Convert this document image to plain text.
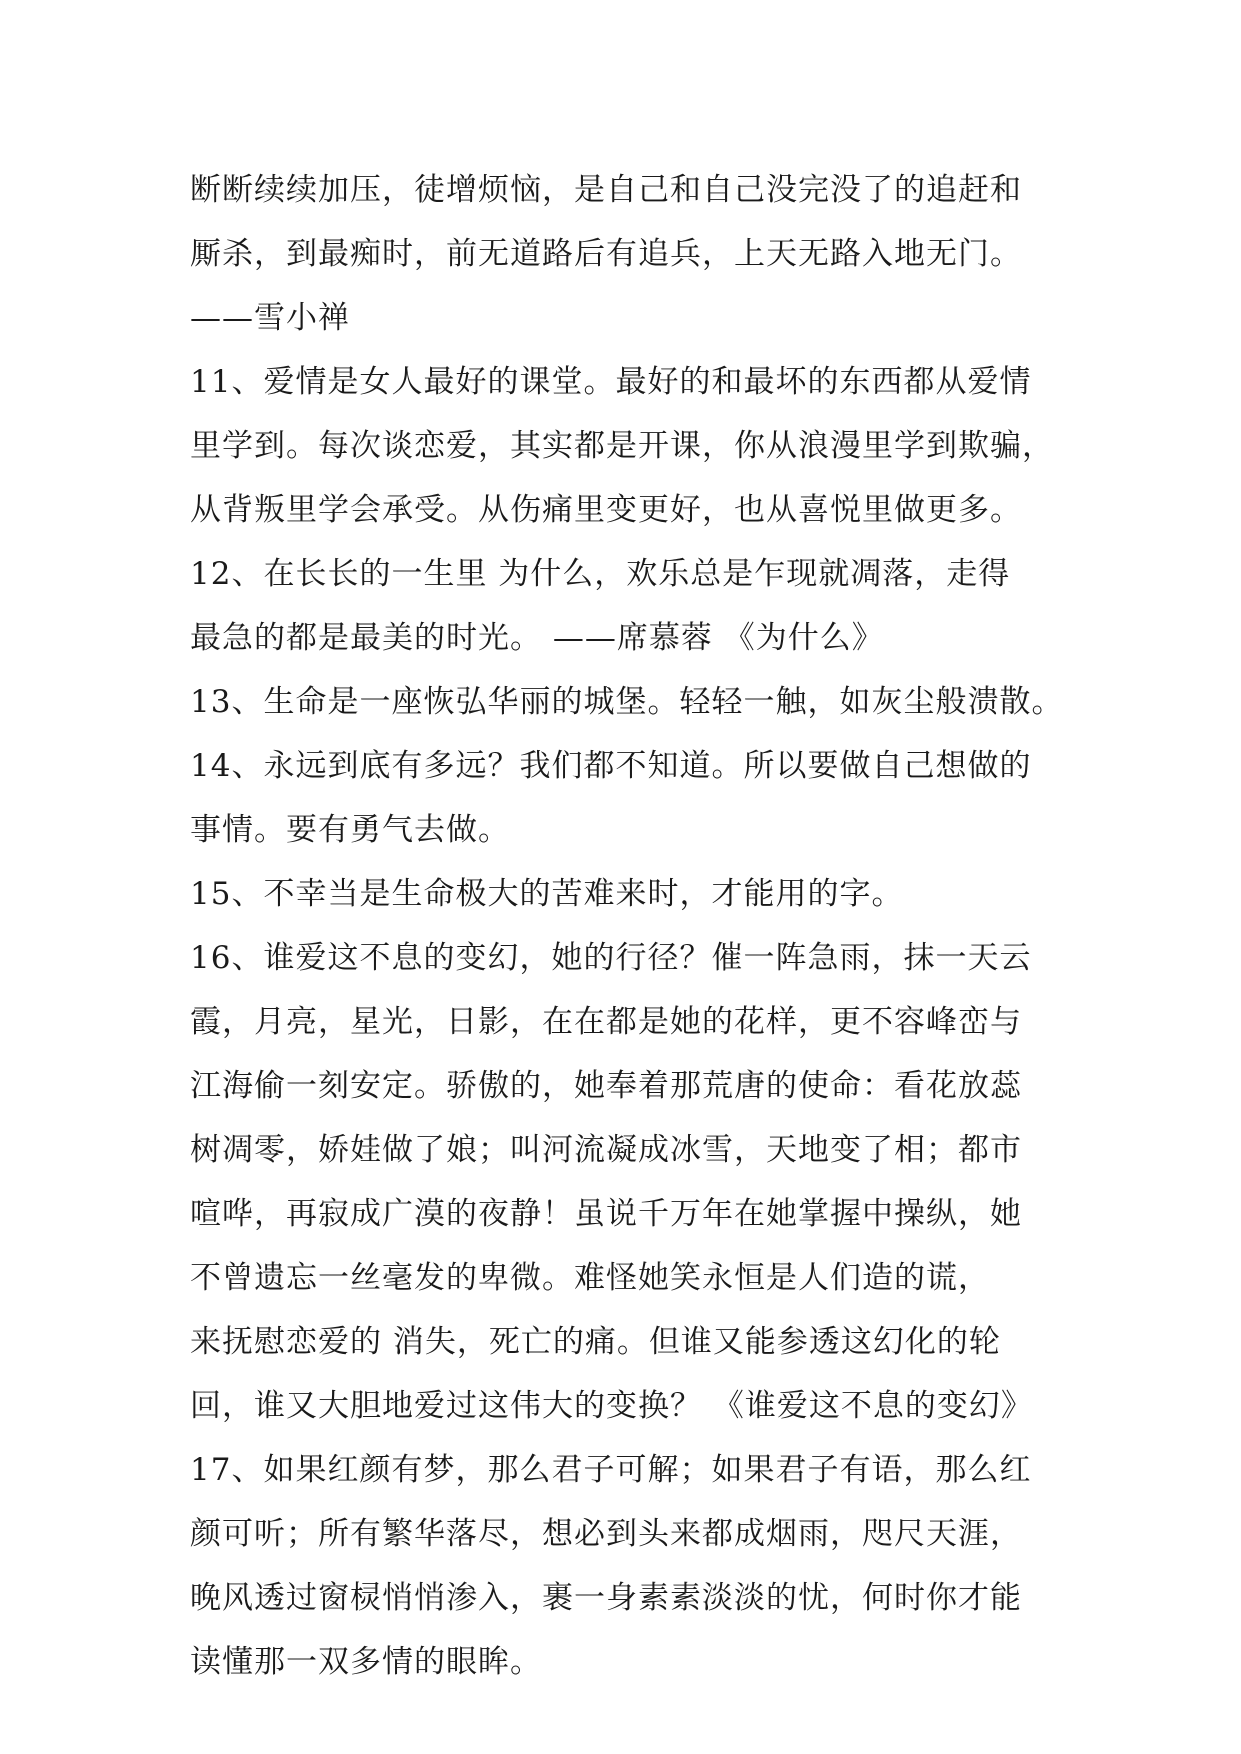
断断续续加压，徒增烦恼，是自己和自己没完没了的追赶和
厮杀，到最痴时，前无道路后有追兵，上天无路入地无门。
——雪小禅
11、爱情是女人最好的课堂。最好的和最坏的东西都从爱情
里学到。每次谈恋爱，其实都是开课，你从浪漫里学到欺骗，
从背叛里学会承受。从伤痛里变更好，也从喜悦里做更多。
12、在长长的一生里 为什么，欢乐总是乍现就凋落，走得
最急的都是最美的时光。 ——席慕蓉 《为什么》
13、生命是一座恢弘华丽的城堡。轻轻一触，如灰尘般溃散。
14、永远到底有多远？我们都不知道。所以要做自己想做的
事情。要有勇气去做。
15、不幸当是生命极大的苦难来时，才能用的字。
16、谁爱这不息的变幻，她的行径？催一阵急雨，抹一天云
霞，月亮，星光，日影，在在都是她的花样，更不容峰峦与
江海偷一刻安定。骄傲的，她奉着那荒唐的使命：看花放蕊
树凋零，娇娃做了娘；叫河流凝成冰雪，天地变了相；都市
喧哗，再寂成广漠的夜静！虽说千万年在她掌握中操纵，她
不曾遗忘一丝毫发的卑微。难怪她笑永恒是人们造的谎，
来抚慰恋爱的 消失，死亡的痛。但谁又能参透这幻化的轮
回，谁又大胆地爱过这伟大的变换？ 《谁爱这不息的变幻》
17、如果红颜有梦，那么君子可解；如果君子有语，那么红
颜可听；所有繁华落尽，想必到头来都成烟雨，咫尺天涯，
晚风透过窗棂悄悄渗入，裹一身素素淡淡的忧，何时你才能
读懂那一双多情的眼眸。
